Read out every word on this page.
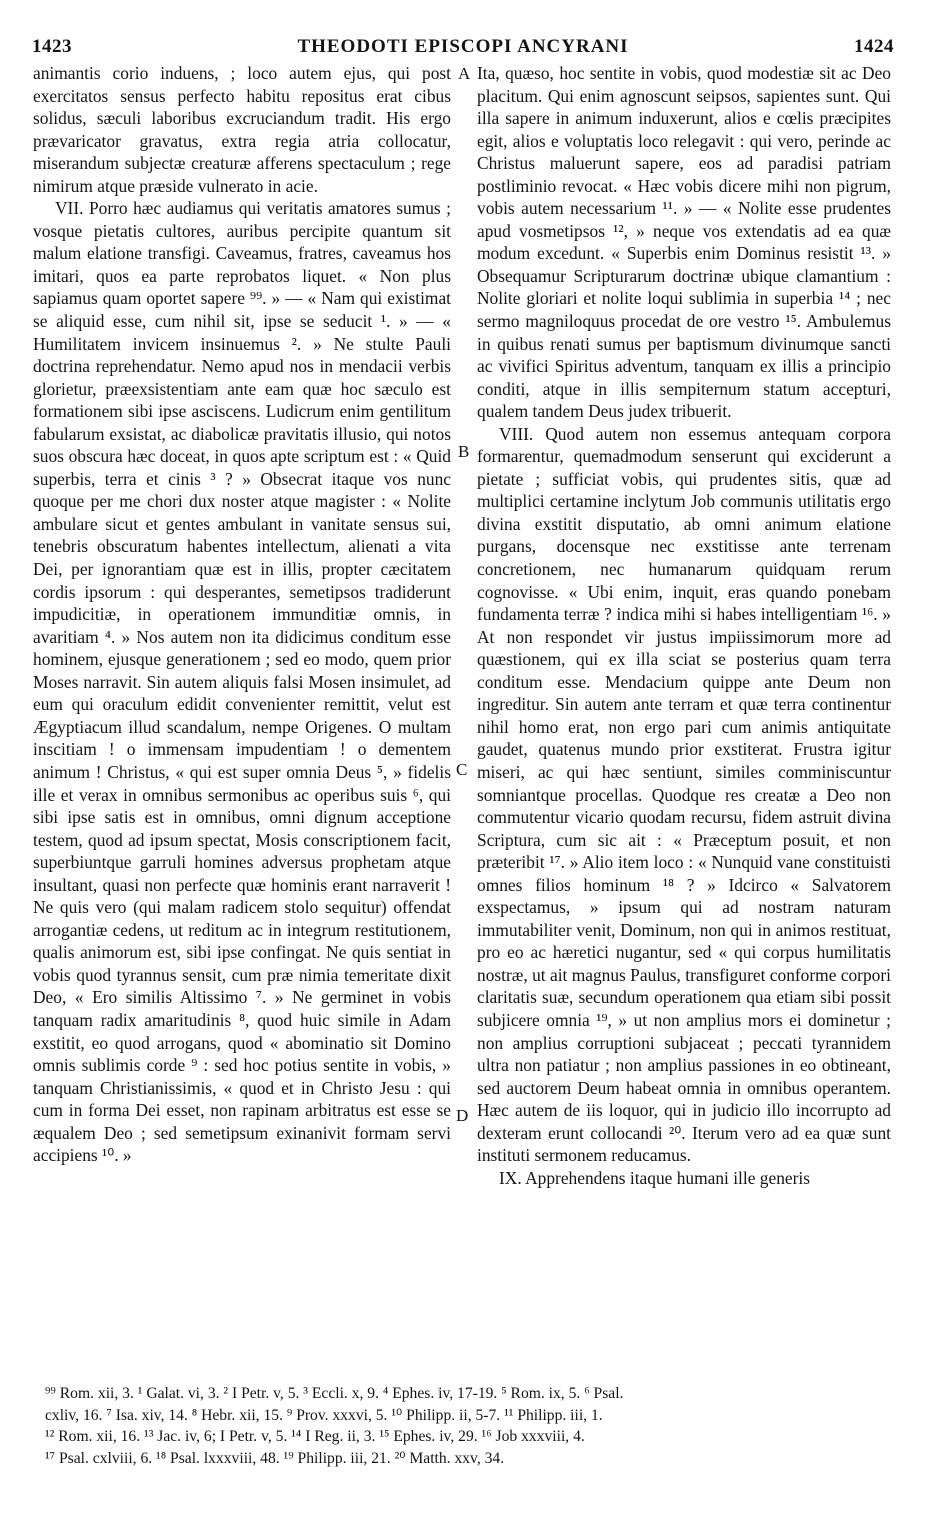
1423	THEODOTI EPISCOPI ANCYRANI	1424

animantis corio induens, ; loco autem ejus, qui post exercitatos sensus perfecto habitu repositus erat cibus solidus, sæculi laboribus excruciandum tradit. His ergo prævaricator gravatus, extra regia atria collocatur, miserandum subjectæ creaturæ afferens spectaculum ; rege nimirum atque præside vulnerato in acie.

VII. Porro hæc audiamus qui veritatis amatores sumus ; vosque pietatis cultores, auribus percipite quantum sit malum elatione transfigi. Caveamus, fratres, caveamus hos imitari, quos ea parte reprobatos liquet. « Non plus sapiamus quam oportet sapere ⁹⁹. » — « Nam qui existimat se aliquid esse, cum nihil sit, ipse se seducit ¹. » — « Humilitatem invicem insinuemus ². » Ne stulte Pauli doctrina reprehendatur. Nemo apud nos in mendacii verbis glorietur, præexsistentiam ante eam quæ hoc sæculo est formationem sibi ipse asciscens. Ludicrum enim gentilitum fabularum exsistat, ac diabolicæ pravitatis illusio, qui notos suos obscura hæc doceat, in quos apte scriptum est : « Quid superbis, terra et cinis ³ ? » Obsecrat itaque vos nunc quoque per me chori dux noster atque magister : « Nolite ambulare sicut et gentes ambulant in vanitate sensus sui, tenebris obscuratum habentes intellectum, alienati a vita Dei, per ignorantiam quæ est in illis, propter cæcitatem cordis ipsorum : qui desperantes, semetipsos tradiderunt impudicitiæ, in operationem immunditiæ omnis, in avaritiam ⁴. » Nos autem non ita didicimus conditum esse hominem, ejusque generationem ; sed eo modo, quem prior Moses narravit. Sin autem aliquis falsi Mosen insimulet, ad eum qui oraculum edidit convenienter remittit, velut est Ægyptiacum illud scandalum, nempe Origenes. O multam inscitiam ! o immensam impudentiam ! o dementem animum ! Christus, « qui est super omnia Deus ⁵, » fidelis ille et verax in omnibus sermonibus ac operibus suis ⁶, qui sibi ipse satis est in omnibus, omni dignum acceptione testem, quod ad ipsum spectat, Mosis conscriptionem facit, superbiuntque garruli homines adversus prophetam atque insultant, quasi non perfecte quæ hominis erant narraverit ! Ne quis vero (qui malam radicem stolo sequitur) offendat arrogantiæ cedens, ut reditum ac in integrum restitutionem, qualis animorum est, sibi ipse confingat. Ne quis sentiat in vobis quod tyrannus sensit, cum præ nimia temeritate dixit Deo, « Ero similis Altissimo ⁷. » Ne germinet in vobis tanquam radix amaritudinis ⁸, quod huic simile in Adam exstitit, eo quod arrogans, quod « abominatio sit Domino omnis sublimis corde ⁹ : sed hoc potius sentite in vobis, » tanquam Christianissimis, « quod et in Christo Jesu : qui cum in forma Dei esset, non rapinam arbitratus est esse se æqualem Deo ; sed semetipsum exinanivit formam servi accipiens ¹⁰. »

Ita, quæso, hoc sentite in vobis, quod modestiæ sit ac Deo placitum. Qui enim agnoscunt seipsos, sapientes sunt. Qui illa sapere in animum induxerunt, alios e cœlis præcipites egit, alios e voluptatis loco relegavit : qui vero, perinde ac Christus maluerunt sapere, eos ad paradisi patriam postliminio revocat. « Hæc vobis dicere mihi non pigrum, vobis autem necessarium ¹¹. » — « Nolite esse prudentes apud vosmetipsos ¹², » neque vos extendatis ad ea quæ modum excedunt. « Superbis enim Dominus resistit ¹³. » Obsequamur Scripturarum doctrinæ ubique clamantium : Nolite gloriari et nolite loqui sublimia in superbia ¹⁴ ; nec sermo magniloquus procedat de ore vestro ¹⁵. Ambulemus in quibus renati sumus per baptismum divinumque sancti ac vivifici Spiritus adventum, tanquam ex illis a principio conditi, atque in illis sempiternum statum accepturi, qualem tandem Deus judex tribuerit.

VIII. Quod autem non essemus antequam corpora formarentur, quemadmodum senserunt qui exciderunt a pietate ; sufficiat vobis, qui prudentes sitis, quæ ad multiplici certamine inclytum Job communis utilitatis ergo divina exstitit disputatio, ab omni animum elatione purgans, docensque nec exstitisse ante terrenam concretionem, nec humanarum quidquam rerum cognovisse. « Ubi enim, inquit, eras quando ponebam fundamenta terræ ? indica mihi si habes intelligentiam ¹⁶. » At non respondet vir justus impiissimorum more ad quæstionem, qui ex illa sciat se posterius quam terra conditum esse. Mendacium quippe ante Deum non ingreditur. Sin autem ante terram et quæ terra continentur nihil homo erat, non ergo pari cum animis antiquitate gaudet, quatenus mundo prior exstiterat. Frustra igitur miseri, ac qui hæc sentiunt, similes comminiscuntur somniantque procellas. Quodque res creatæ a Deo non commutentur vicario quodam recursu, fidem astruit divina Scriptura, cum sic ait : « Præceptum posuit, et non præteribit ¹⁷. » Alio item loco : « Nunquid vane constituisti omnes filios hominum ¹⁸ ? » Idcirco « Salvatorem exspectamus, » ipsum qui ad nostram naturam immutabiliter venit, Dominum, non qui in animos restituat, pro eo ac hæretici nugantur, sed « qui corpus humilitatis nostræ, ut ait magnus Paulus, transfiguret conforme corpori claritatis suæ, secundum operationem qua etiam sibi possit subjicere omnia ¹⁹, » ut non amplius mors ei dominetur ; non amplius corruptioni subjaceat ; peccati tyrannidem ultra non patiatur ; non amplius passiones in eo obtineant, sed auctorem Deum habeat omnia in omnibus operantem. Hæc autem de iis loquor, qui in judicio illo incorrupto ad dexteram erunt collocandi ²⁰. Iterum vero ad ea quæ sunt instituti sermonem reducamus.

IX. Apprehendens itaque humani ille generis

A
B
C
D
⁹⁹ Rom. xii, 3. ¹ Galat. vi, 3. ² I Petr. v, 5. ³ Eccli. x, 9. ⁴ Ephes. iv, 17-19. ⁵ Rom. ix, 5. ⁶ Psal.
cxliv, 16. ⁷ Isa. xiv, 14. ⁸ Hebr. xii, 15. ⁹ Prov. xxxvi, 5. ¹⁰ Philipp. ii, 5-7. ¹¹ Philipp. iii, 1.
¹² Rom. xii, 16. ¹³ Jac. iv, 6; I Petr. v, 5. ¹⁴ I Reg. ii, 3. ¹⁵ Ephes. iv, 29. ¹⁶ Job xxxviii, 4.
¹⁷ Psal. cxlviii, 6. ¹⁸ Psal. lxxxviii, 48. ¹⁹ Philipp. iii, 21. ²⁰ Matth. xxv, 34.
